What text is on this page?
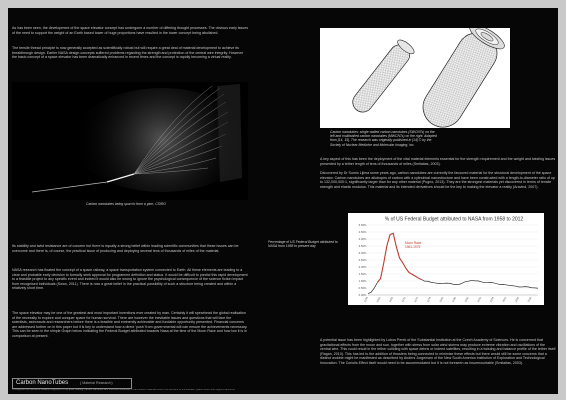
As has been seen, the development of the space elevator concept has undergone a number of differing thought processes. The obvious early issues of the need to support the weight of an Earth based tower of huge proportions have resulted in the tower concept being abolished.

The tensile thread principle is now generally accepted as scientifically robust but will require a great deal of material development to achieve its breakthrough design. Earlier NASA design concepts suffered problems regarding the strength and protection of the central wire integrity. However the basic concept of a space elevator has been dramatically enhanced in recent times and the concept is rapidly becoming a virtual reality.

Carbon nanotubes being spun to form a yarn, CSIRO

Its stability and twist resistance are of concern but there is equally a strong belief within leading scientific communities that these issues can be overcome and there is, of course, the practical issue of producing and deploying several tens of thousands of miles of the material.

NASA research has floated the concept of a space railway, a space transportation system connected to Earth. All these elements are leading to a clear and probable early decision to formally seek approval for programme definition and status. It would be difficult to predict this rapid development to a feasible project to any specific event and indeed it would also be wrong to ignore the psychological consequence of the science fiction impact from recognised individuals (Swan, 2011). There is now a great belief in the practical possibility of such a structure being created and within a relatively short time.

The space elevator may be one of the greatest and most important inventions ever created by man. Certainly it will spearhead the global realisation of the necessity to explore and conquer space for human survival. There are however the inevitable issues and questions that will face the scientists, astronauts and researchers before there is a feasible and eminently achievable and fundable opportunity presented. Financial concerns are addressed further on in this paper but it is key to understand how a direct 'push' from governmental will can ensure the achievements necessary. This can be seen in the simple Graph below indicating the Federal Budget attributed towards Nasa at the time of the Moon Race and how low it is in comparison at present.

Carbon nanotubes: single walled carbon nanotubes (SWCNTs) on the left and multiwalled carbon nanotubes (MWCNTs) on the right. Adapted from [14, 15]. The research was originally published in [14] © by the Society of Nuclear Medicine and Molecular Imaging, Inc.

A key aspect of this has been the deployment of the vital material elements essential for the strength requirement and the weight and twisting issues presented by a tether length of tens of thousands of miles (Smitaitas, 2003).

Discovered by Dr Sumio Lijima some years ago, carbon nanotubes are currently the favoured material for the structural development of the space elevator. Carbon nanotubes are allotropes of carbon with a cylindrical nanostructure and have been constructed with a length-to-diameter ratio of up to 132,000,000:1, significantly larger than for any other material (Pugno, 2013). They are the strongest materials yet discovered in terms of tensile strength and elastic modulus. This material and its intended derivatives should be the key to making the elevator a reality (Aravind, 2007).

Percentage of US Federal Budget attributed to NASA from 1958 to present day

% of US Federal Budget attributed to NASA from 1958 to 2012
5.00%
4.50%
4.00%
3.50%
3.00%
2.50%
2.00%
1.50%
1.00%
0.50%
0.00%
1958	1962	1966	1970	1974	1978	1982	1986	1990	1994	1998	2002	2006	2010
Moon Race
1961-1975

A potential issue has been highlighted by Lubos Perek of the Substantial Institution at the Czech Academy of Sciences. He is concerned that gravitational effects from the moon and sun, together with stress from solar wind storms may produce extreme vibration and oscillations of the central wire. This could result in the tether colliding with space debris or indeed satellites, resulting in a twisting and balance profile of the tether itself (Ragan, 2010). This has led to the addition of thrusters being connected to minimise these effects but there would still be some concerns that a distinct wobble might be manifested as described by Anders Jorgensen of the New South America Institution of Exploration and Technological Innovation. The Coriolis Effect itself would need to be accommodated but it is not foreseen as insurmountable (Smitaitas, 2003).

Carbon NanoTubes	( Material Research)

Throughout the nanotube research segment of this area, fielding, carbon nanotube and structure sustained in the exterior materials within the structure of the elevator, space tether and support elements.
